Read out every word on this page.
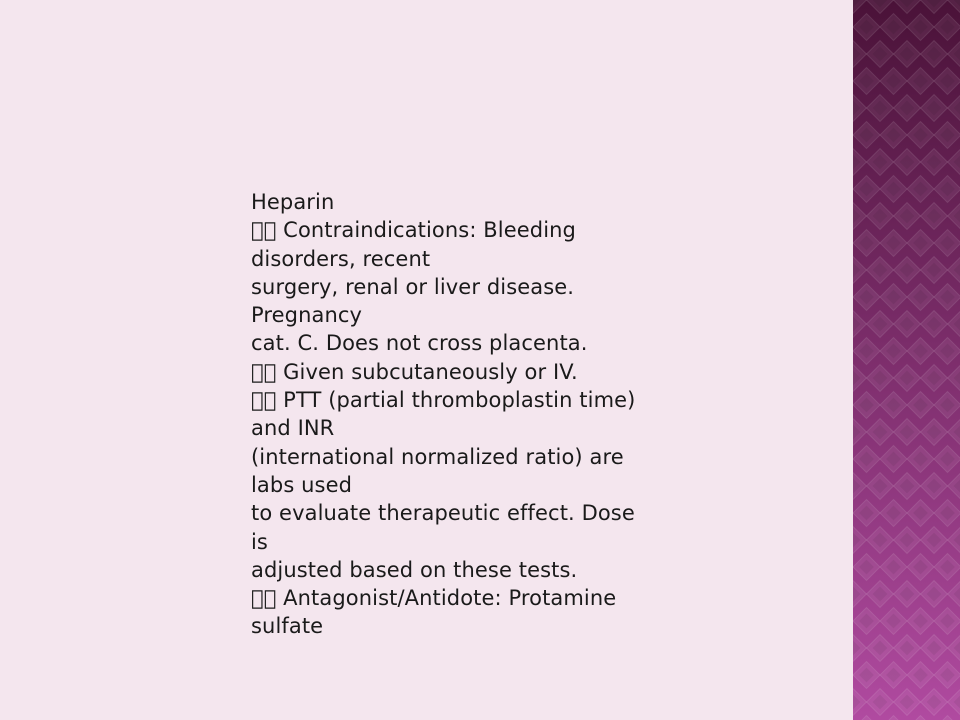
Heparin
   Contraindications: Bleeding
disorders, recent
surgery, renal or liver disease.
Pregnancy
cat. C. Does not cross placenta.
   Given subcutaneously or IV.
   PTT (partial thromboplastin time)
and INR
(international normalized ratio) are
labs used
to evaluate therapeutic effect. Dose
is
adjusted based on these tests.
   Antagonist/Antidote: Protamine
sulfate
